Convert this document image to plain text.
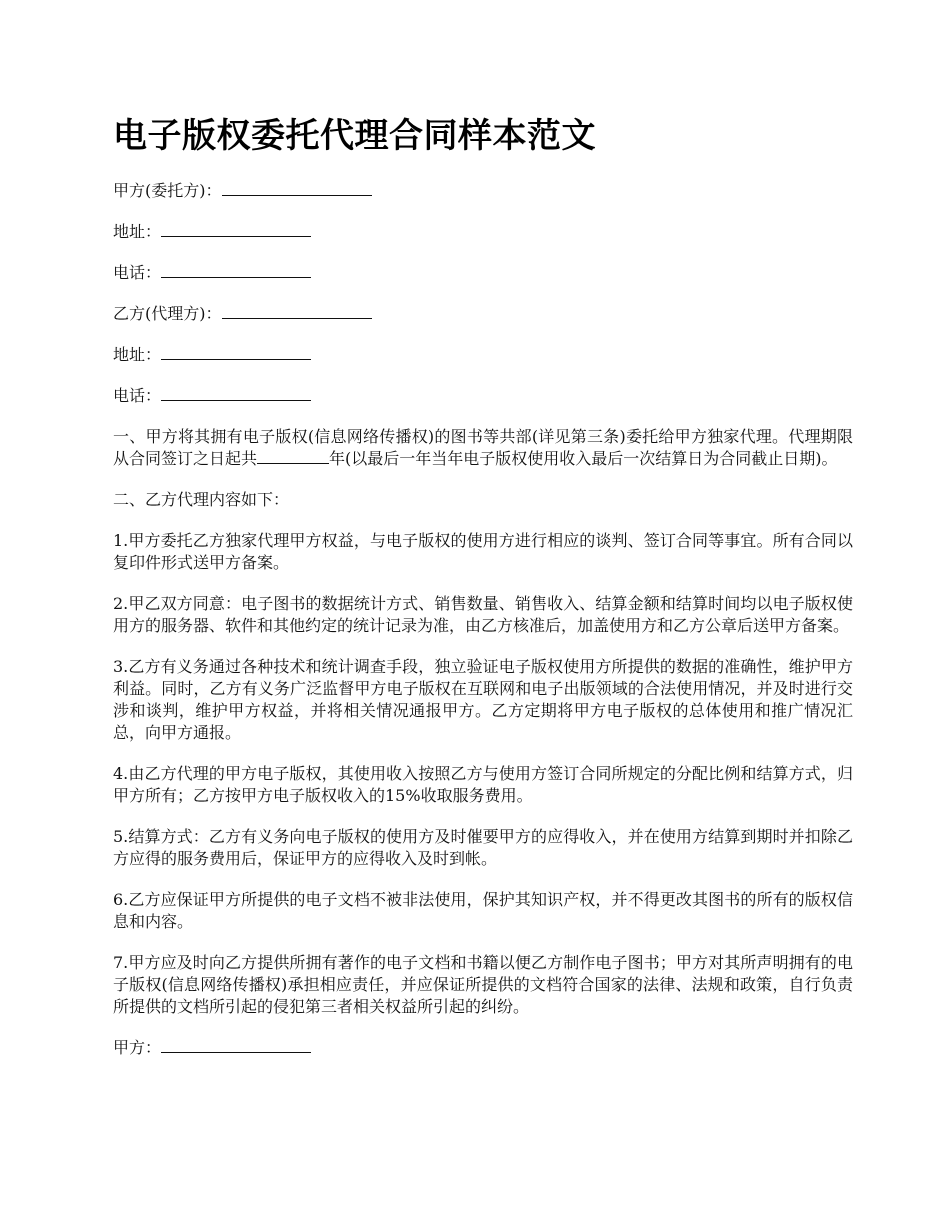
电子版权委托代理合同样本范文
甲方(委托方)：
地址：
电话：
乙方(代理方)：
地址：
电话：

一、甲方将其拥有电子版权(信息网络传播权)的图书等共部(详见第三条)委托给甲方独家代理。代理期限从合同签订之日起共	年(以最后一年当年电子版权使用收入最后一次结算日为合同截止日期)。

二、乙方代理内容如下：

1.甲方委托乙方独家代理甲方权益，与电子版权的使用方进行相应的谈判、签订合同等事宜。所有合同以复印件形式送甲方备案。

2.甲乙双方同意：电子图书的数据统计方式、销售数量、销售收入、结算金额和结算时间均以电子版权使用方的服务器、软件和其他约定的统计记录为准，由乙方核准后，加盖使用方和乙方公章后送甲方备案。

3.乙方有义务通过各种技术和统计调查手段，独立验证电子版权使用方所提供的数据的准确性，维护甲方利益。同时，乙方有义务广泛监督甲方电子版权在互联网和电子出版领域的合法使用情况，并及时进行交涉和谈判，维护甲方权益，并将相关情况通报甲方。乙方定期将甲方电子版权的总体使用和推广情况汇总，向甲方通报。

4.由乙方代理的甲方电子版权，其使用收入按照乙方与使用方签订合同所规定的分配比例和结算方式，归甲方所有；乙方按甲方电子版权收入的15%收取服务费用。

5.结算方式：乙方有义务向电子版权的使用方及时催要甲方的应得收入，并在使用方结算到期时并扣除乙方应得的服务费用后，保证甲方的应得收入及时到帐。

6.乙方应保证甲方所提供的电子文档不被非法使用，保护其知识产权，并不得更改其图书的所有的版权信息和内容。

7.甲方应及时向乙方提供所拥有著作的电子文档和书籍以便乙方制作电子图书；甲方对其所声明拥有的电子版权(信息网络传播权)承担相应责任，并应保证所提供的文档符合国家的法律、法规和政策，自行负责所提供的文档所引起的侵犯第三者相关权益所引起的纠纷。

甲方：
